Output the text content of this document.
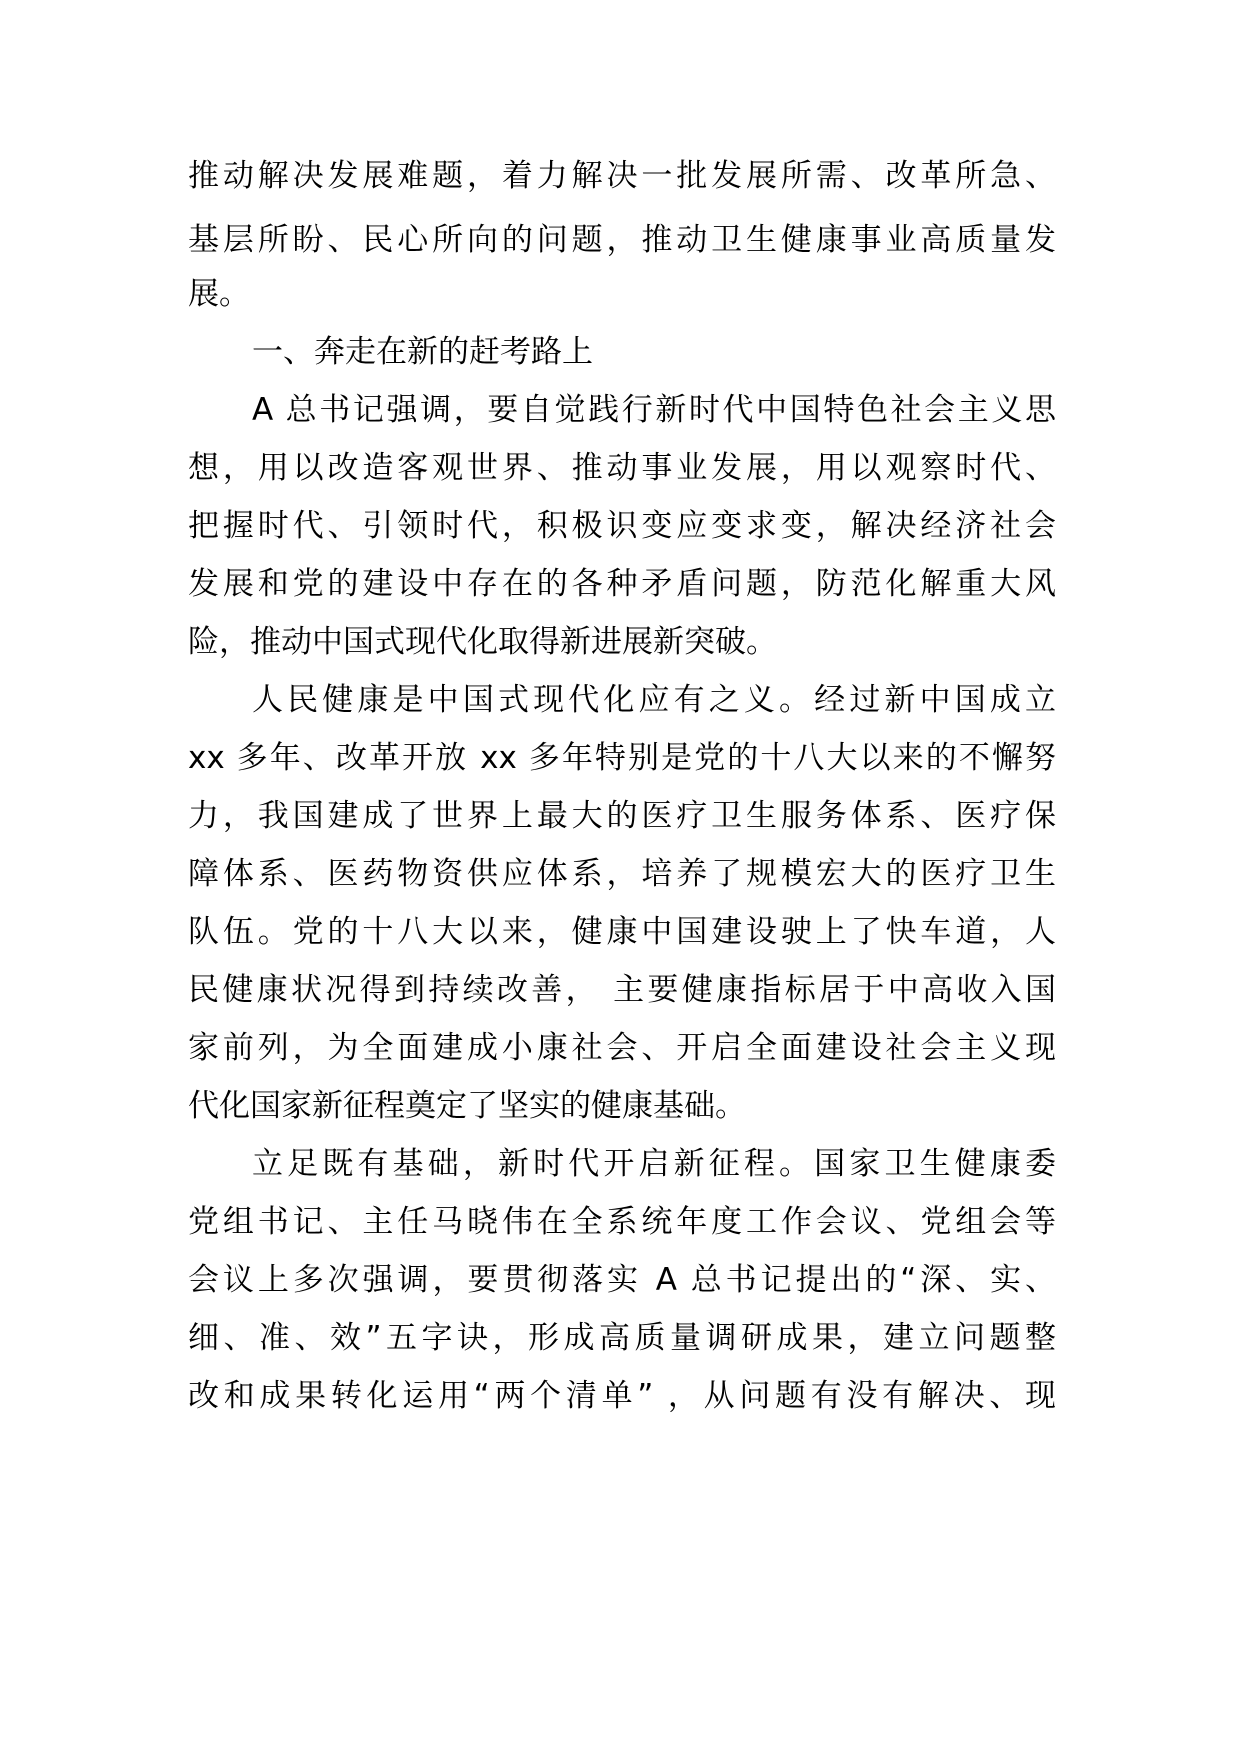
推动解决发展难题，着力解决一批发展所需、改革所急、
基层所盼、民心所向的问题，推动卫生健康事业高质量发
展。
一、奔走在新的赶考路上
A 总书记强调，要自觉践行新时代中国特色社会主义思
想，用以改造客观世界、推动事业发展，用以观察时代、
把握时代、引领时代，积极识变应变求变，解决经济社会
发展和党的建设中存在的各种矛盾问题，防范化解重大风
险，推动中国式现代化取得新进展新突破。
人民健康是中国式现代化应有之义。经过新中国成立
xx 多年、改革开放 xx 多年特别是党的十八大以来的不懈努
力，我国建成了世界上最大的医疗卫生服务体系、医疗保
障体系、医药物资供应体系，培养了规模宏大的医疗卫生
队伍。党的十八大以来，健康中国建设驶上了快车道，人
民健康状况得到持续改善， 主要健康指标居于中高收入国
家前列，为全面建成小康社会、开启全面建设社会主义现
代化国家新征程奠定了坚实的健康基础。
立足既有基础，新时代开启新征程。国家卫生健康委
党组书记、主任马晓伟在全系统年度工作会议、党组会等
会议上多次强调，要贯彻落实 A 总书记提出的“深、实、
细、准、效”五字诀，形成高质量调研成果，建立问题整
改和成果转化运用“两个清单” ，从问题有没有解决、现
